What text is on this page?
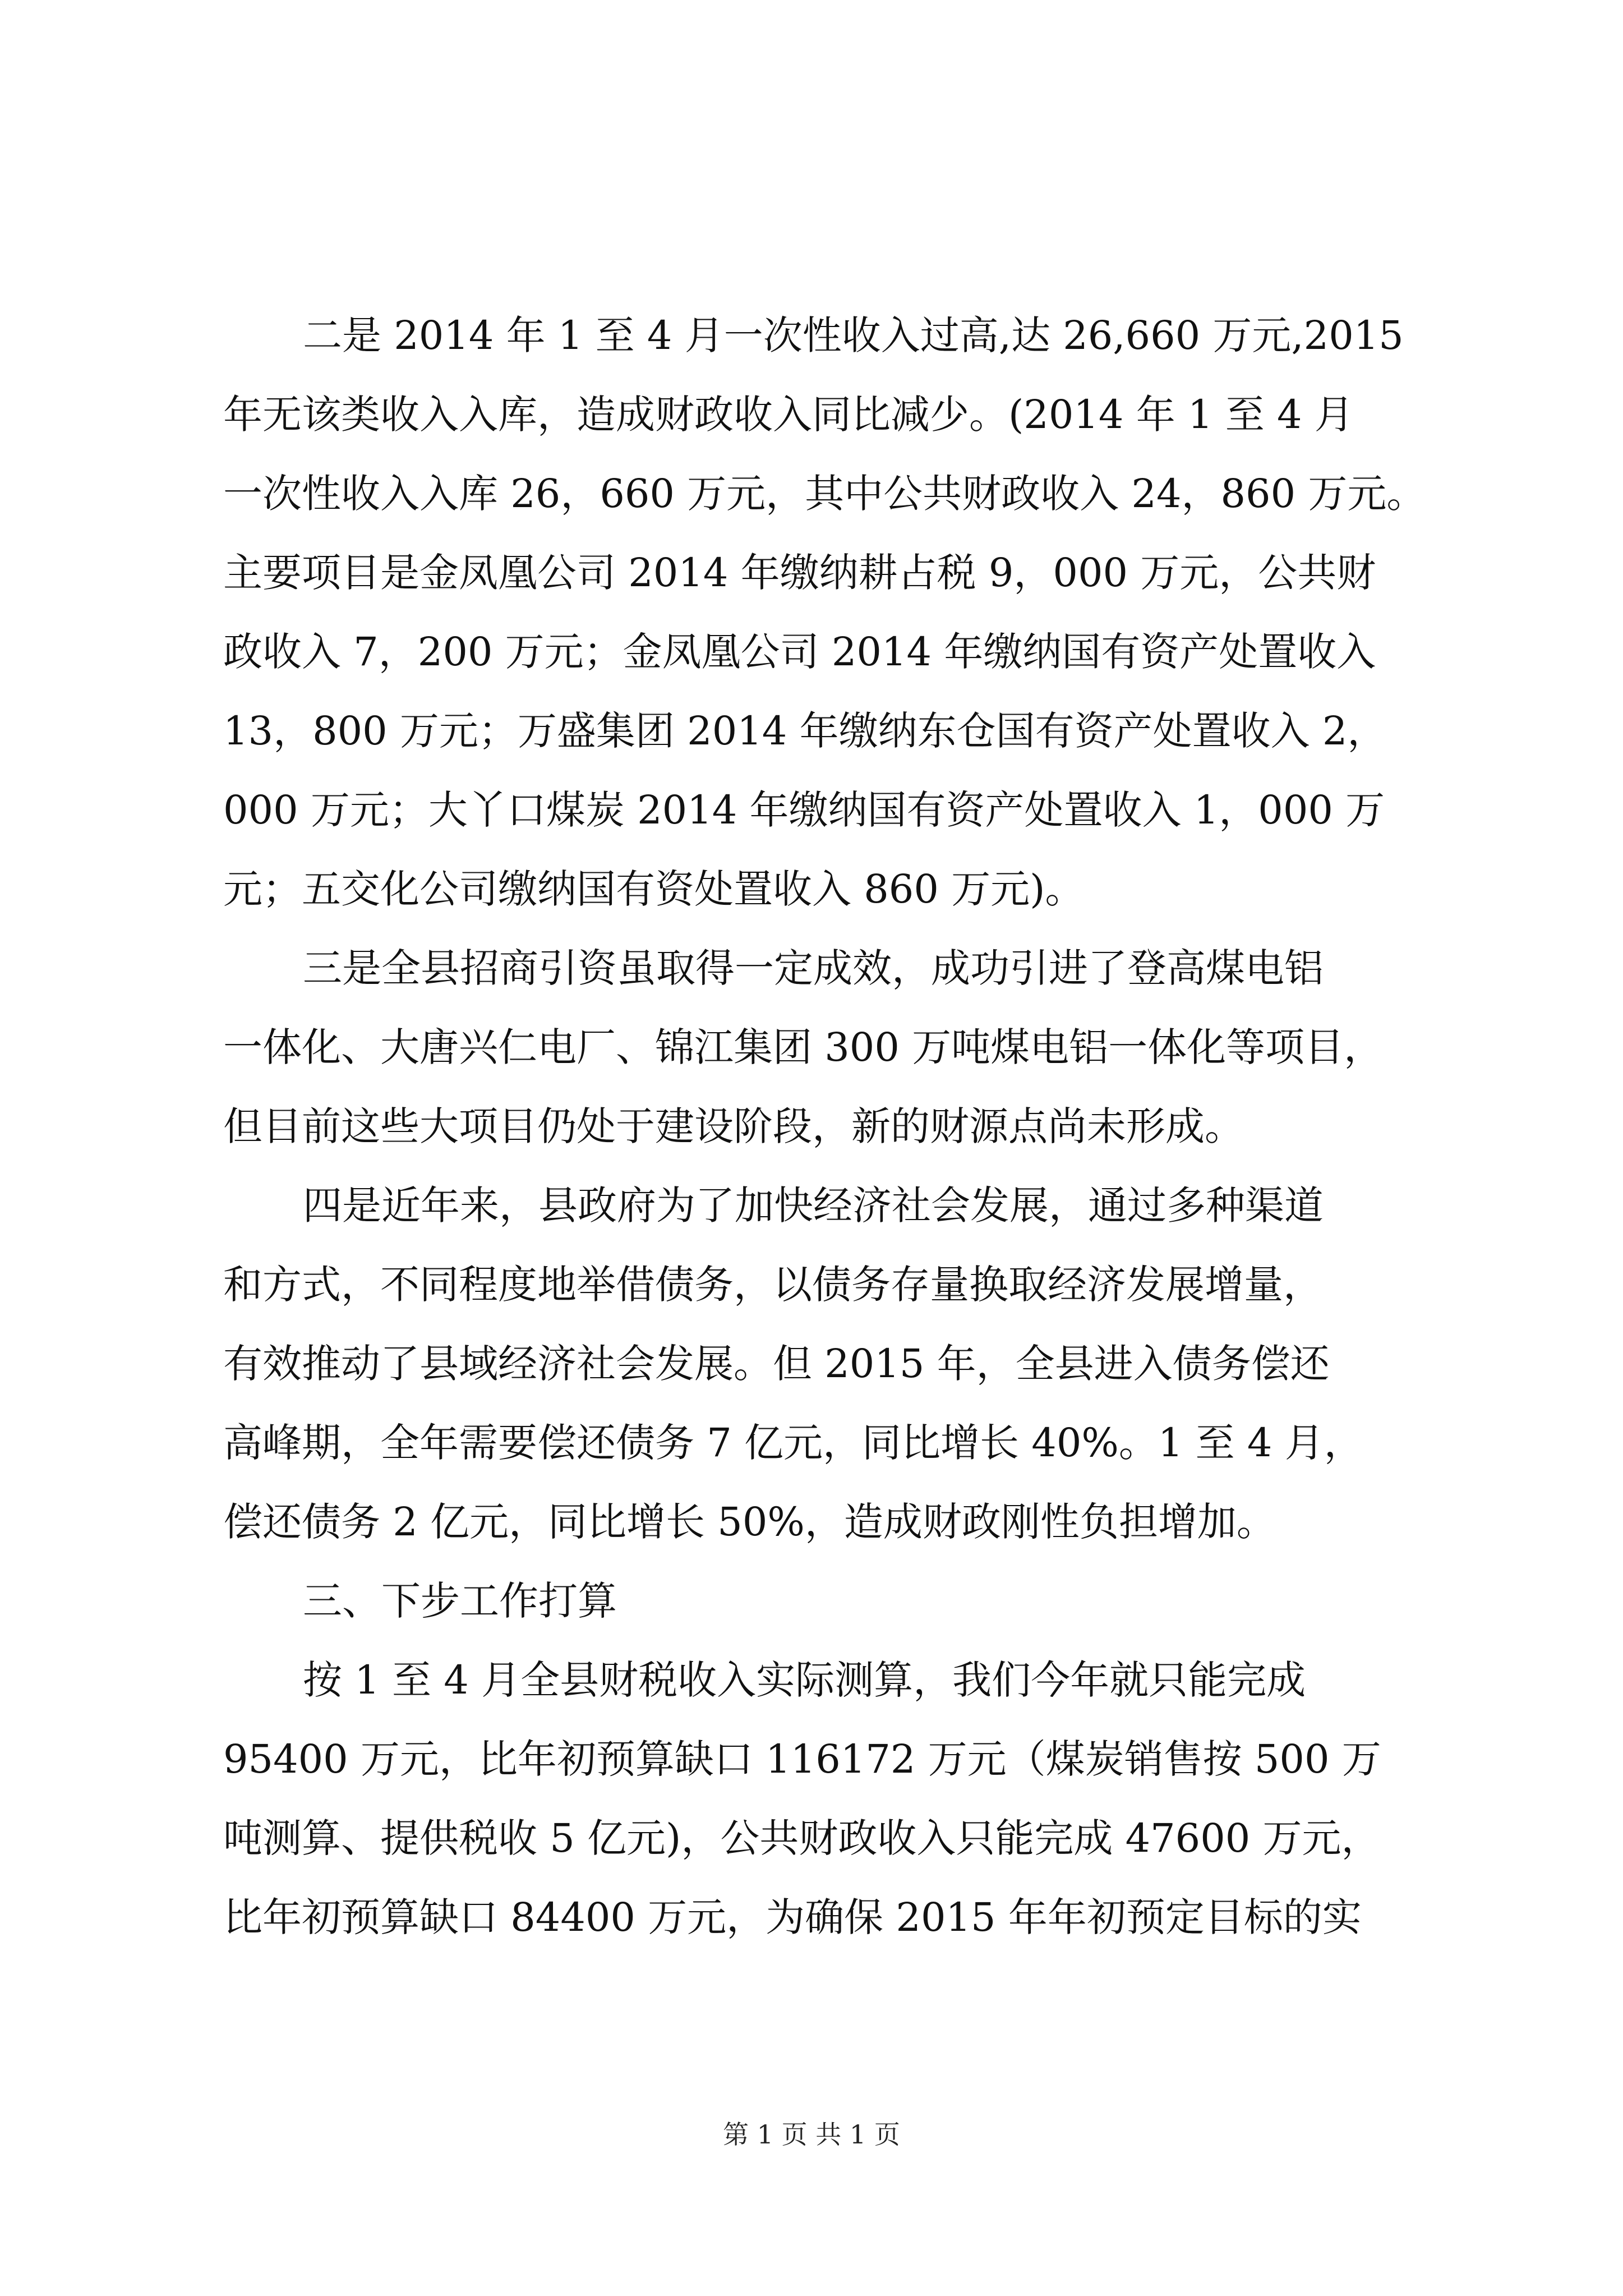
二是 2014 年 1 至 4 月一次性收入过高,达 26,660 万元,2015
年无该类收入入库，造成财政收入同比减少。(2014 年 1 至 4 月
一次性收入入库 26，660 万元，其中公共财政收入 24，860 万元。
主要项目是金凤凰公司 2014 年缴纳耕占税 9，000 万元，公共财
政收入 7，200 万元；金凤凰公司 2014 年缴纳国有资产处置收入
13，800 万元；万盛集团 2014 年缴纳东仓国有资产处置收入 2，
000 万元；大丫口煤炭 2014 年缴纳国有资产处置收入 1，000 万
元；五交化公司缴纳国有资处置收入 860 万元)。
三是全县招商引资虽取得一定成效，成功引进了登高煤电铝
一体化、大唐兴仁电厂、锦江集团 300 万吨煤电铝一体化等项目，
但目前这些大项目仍处于建设阶段，新的财源点尚未形成。
四是近年来，县政府为了加快经济社会发展，通过多种渠道
和方式，不同程度地举借债务，以债务存量换取经济发展增量，
有效推动了县域经济社会发展。但 2015 年，全县进入债务偿还
高峰期，全年需要偿还债务 7 亿元，同比增长 40%。1 至 4 月，
偿还债务 2 亿元，同比增长 50%，造成财政刚性负担增加。
三、下步工作打算
按 1 至 4 月全县财税收入实际测算，我们今年就只能完成
95400 万元，比年初预算缺口 116172 万元（煤炭销售按 500 万
吨测算、提供税收 5 亿元)，公共财政收入只能完成 47600 万元，
比年初预算缺口 84400 万元，为确保 2015 年年初预定目标的实
第 1 页 共 1 页
